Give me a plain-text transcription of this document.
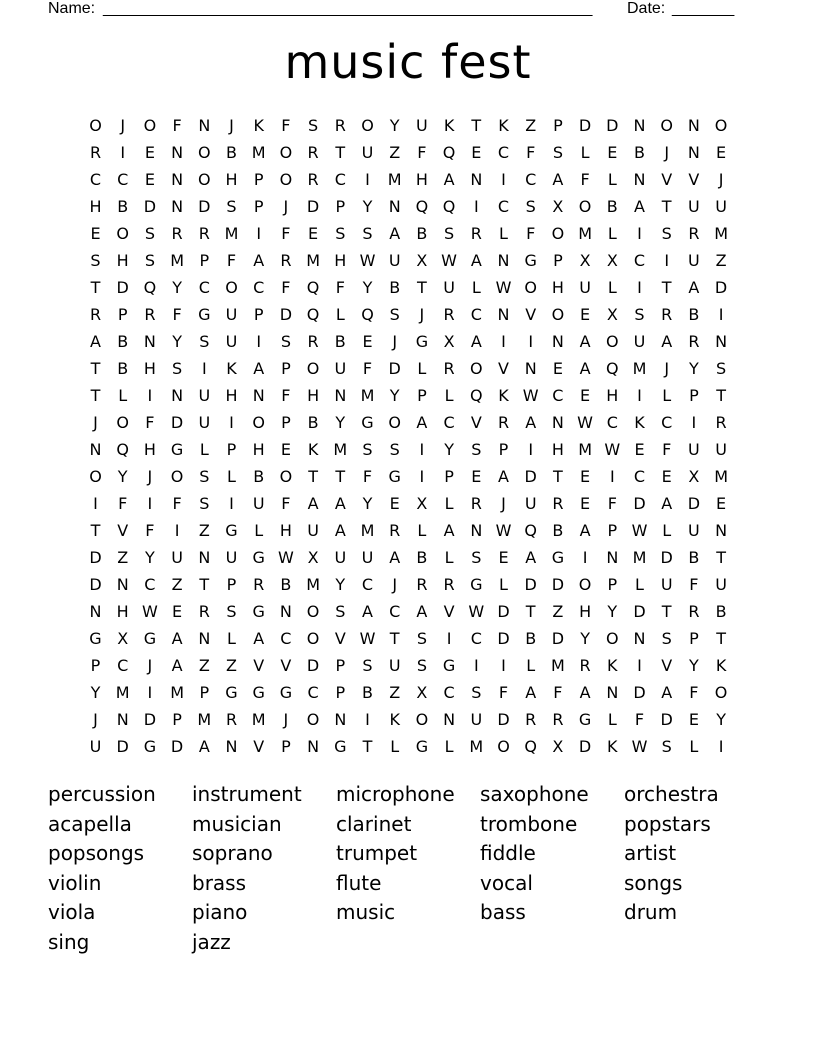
Name: _______________________________________________________ Date: _______
music fest
O	J	O	F	N	J	K	F	S	R O	Y	U	K	T	K	Z	P	D D N O N O
R	I	E	N O B M O R	T	U Z	F	Q E	C	F	S	L	E	B	J	N	E
C	C	E	N O H	P	O R	C	I	M H A N	I	C	A	F	L	N V	V	J
H B D N D S	P	J	D	P	Y	N Q Q	I	C	S	X O B	A	T	U U
E O S	R	R M	I	F	E	S	S	A	B	S	R	L	F	O M L	I	S	R M
S	H	S M P	F	A	R M H W U X W A N G	P	X	X	C	I	U Z
T	D Q	Y	C O C	F	Q	F	Y	B	T	U	L W O H U	L	I	T	A D
R	P	R	F	G U	P	D Q	L	Q S	J	R	C N V O E	X	S	R	B	I
A	B N	Y	S	U	I	S	R	B	E	J	G X	A	I	I	N A O U A	R N
T	B H	S	I	K	A	P	O U	F	D	L	R O V N	E	A Q M	J	Y	S
T	L	I	N U H N	F	H N M Y	P	L	Q K W C	E	H	I	L	P	T
J	O	F	D U	I	O	P	B	Y	G O A	C	V	R	A N W C	K	C	I	R
N Q H G	L	P	H	E	K M S	S	I	Y	S	P	I	H M W E	F	U U
O	Y	J	O S	L	B O	T	T	F	G	I	P	E	A D	T	E	I	C	E	X M
I	F	I	F	S	I	U	F	A	A	Y	E	X	L	R	J	U R	E	F	D A D E
T	V	F	I	Z G	L	H U A M R	L	A N W Q B	A	P W L	U N
D Z	Y	U N U G W X U U A	B	L	S	E	A G	I	N M D B	T
D N C	Z	T	P	R	B M Y	C	J	R	R G	L	D D O	P	L	U	F	U
N H W E	R	S G N O S	A	C	A	V W D	T	Z H	Y	D	T	R	B
G X G A N	L	A	C O V W T	S	I	C D B D	Y	O N	S	P	T
P	C	J	A	Z	Z	V	V D	P	S	U	S G	I	I	L M R	K	I	V	Y	K
Y M	I	M P	G G G C	P	B	Z	X	C	S	F	A	F	A N D A	F	O
J	N D	P M R M	J	O N	I	K O N U D R	R G	L	F	D E	Y
U D G D A N V	P	N G	T	L	G	L M O Q X D K W S	L	I
percussion
acapella
popsongs
violin
viola
sing
instrument
musician
soprano
brass
piano
jazz
microphone
clarinet
trumpet
flute
music
saxophone
trombone
fiddle
vocal
bass
orchestra
popstars
artist
songs
drum
